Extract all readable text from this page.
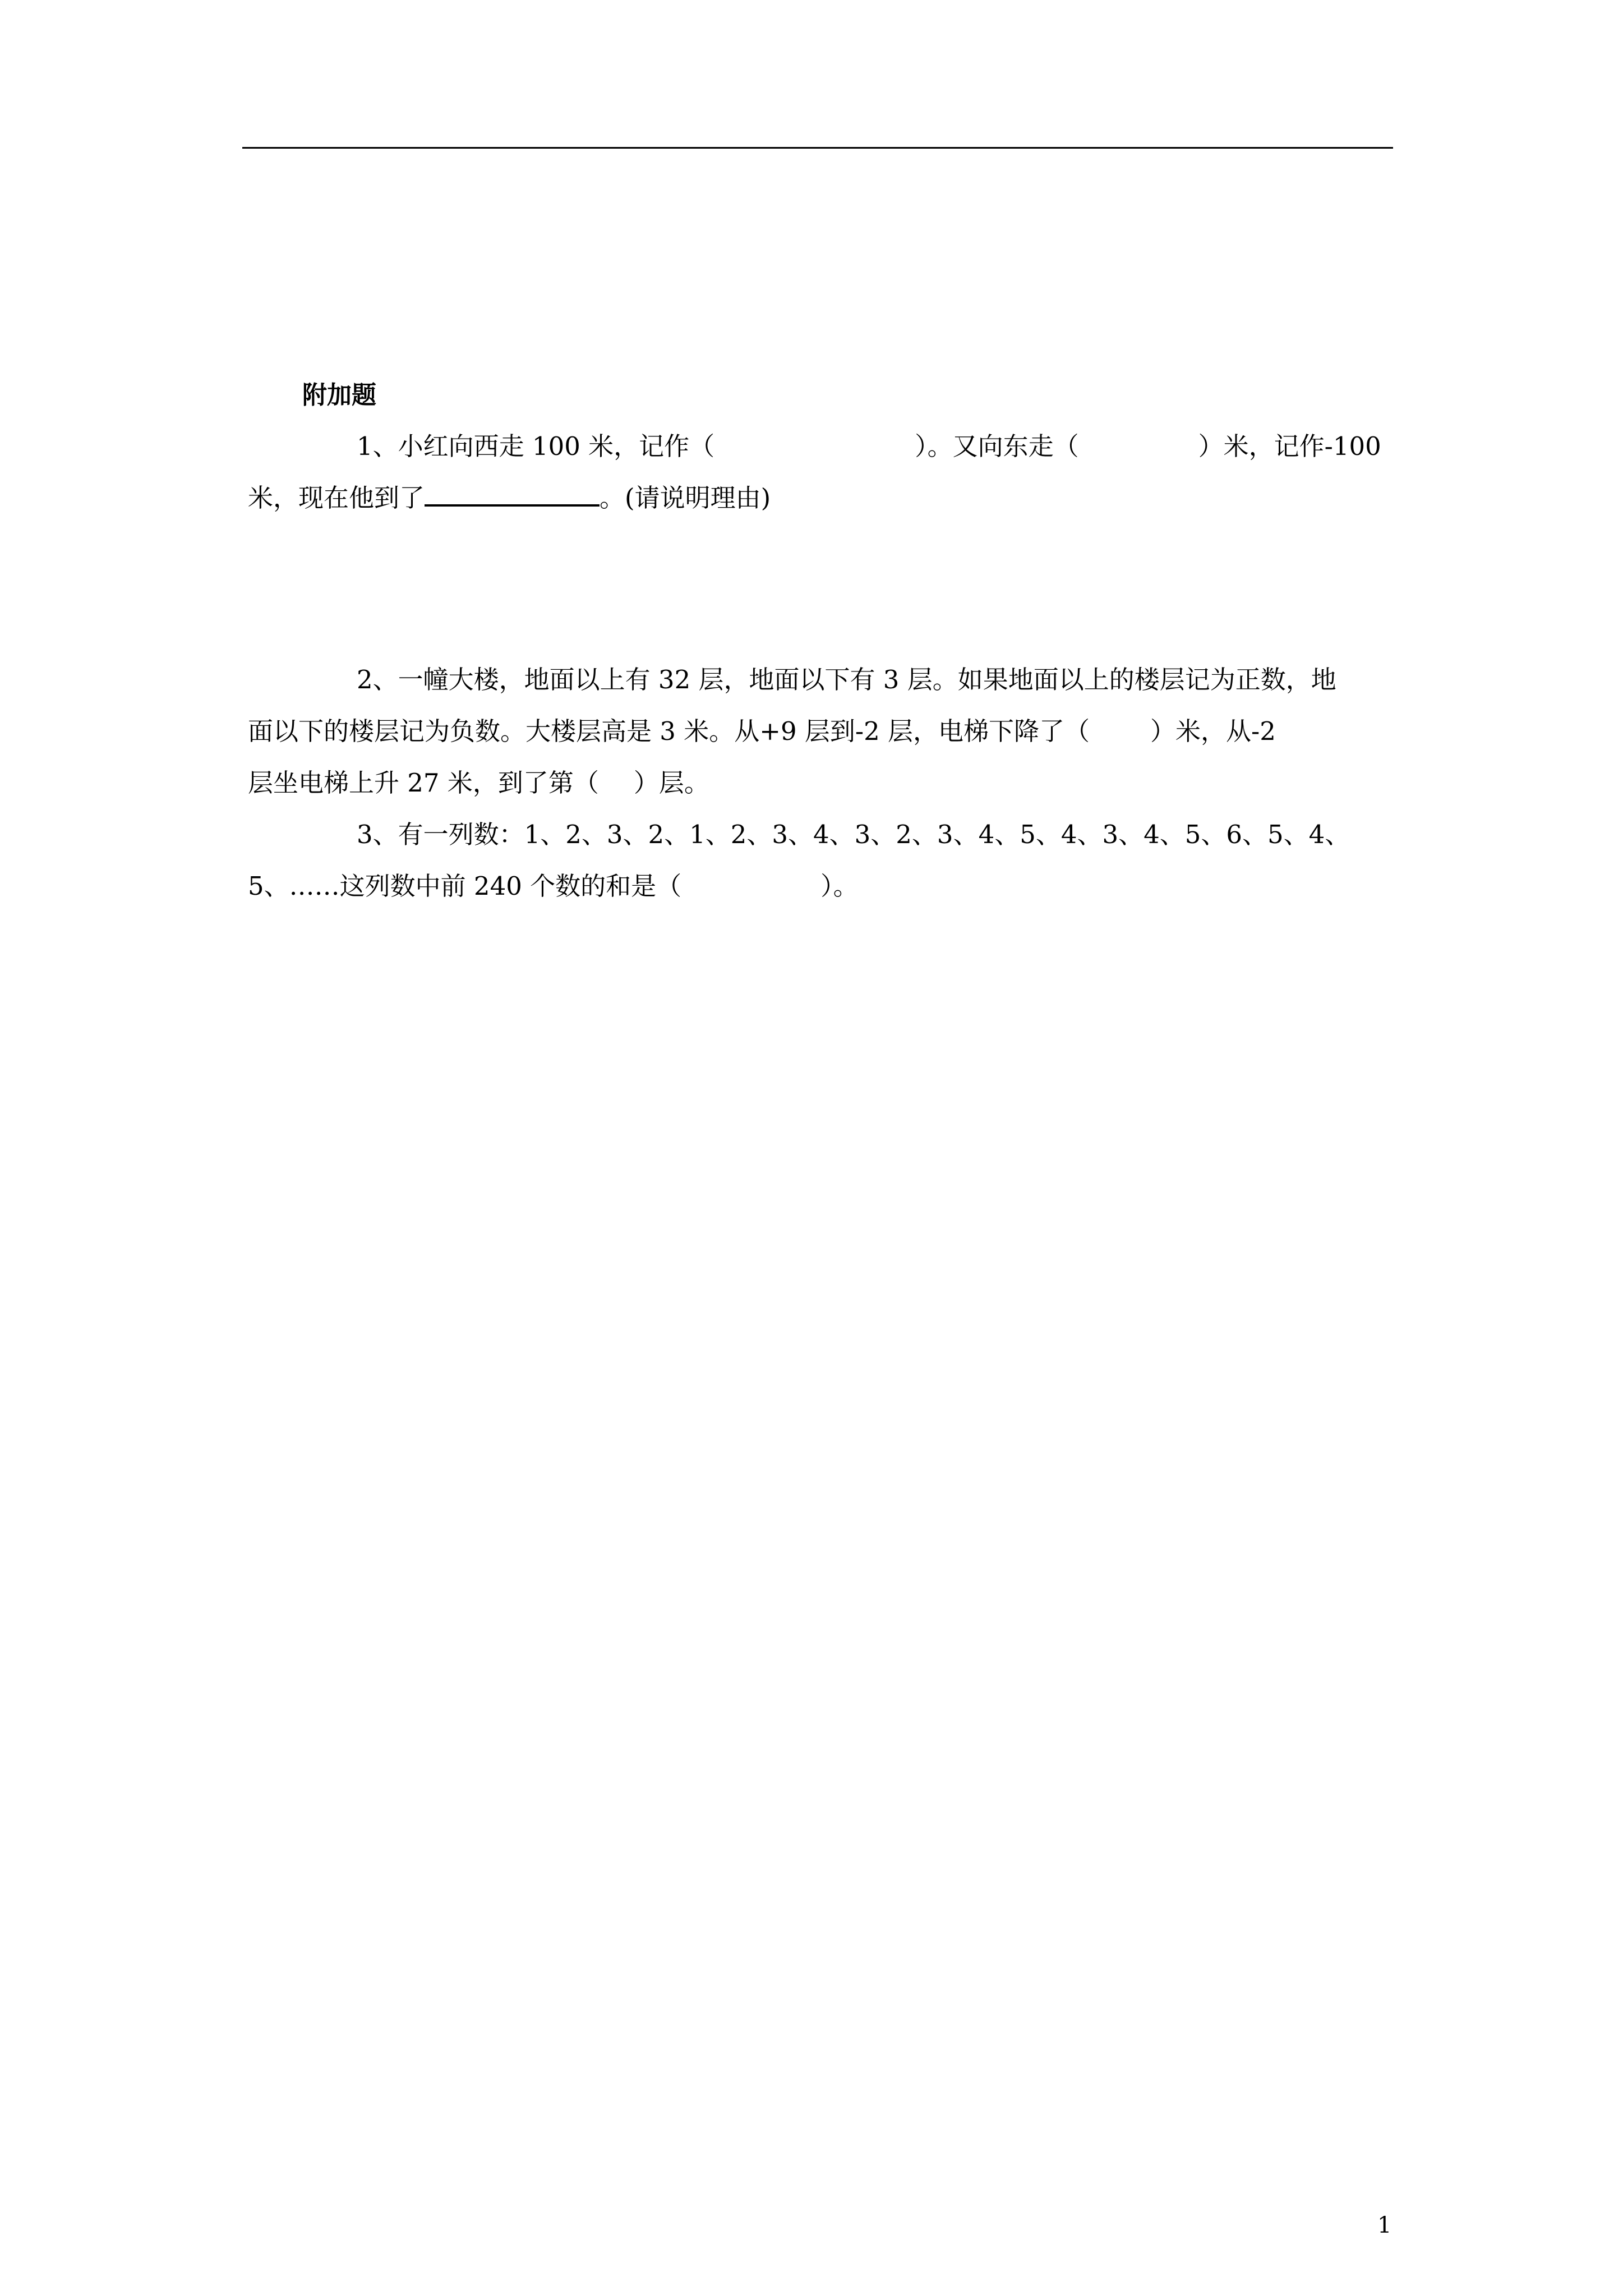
附加题
1、小红向西走 100 米，记作（	）。又向东走（	）米，记作-100
米，现在他到了	。(请说明理由)
2、一幢大楼，地面以上有 32 层，地面以下有 3 层。如果地面以上的楼层记为正数，地
面以下的楼层记为负数。大楼层高是 3 米。从+9 层到-2 层，电梯下降了（ ）米，从-2
层坐电梯上升 27 米，到了第（ ）层。
3、有一列数：1、2、3、2、1、2、3、4、3、2、3、4、5、4、3、4、5、6、5、4、
5、……这列数中前 240 个数的和是（	）。
1
